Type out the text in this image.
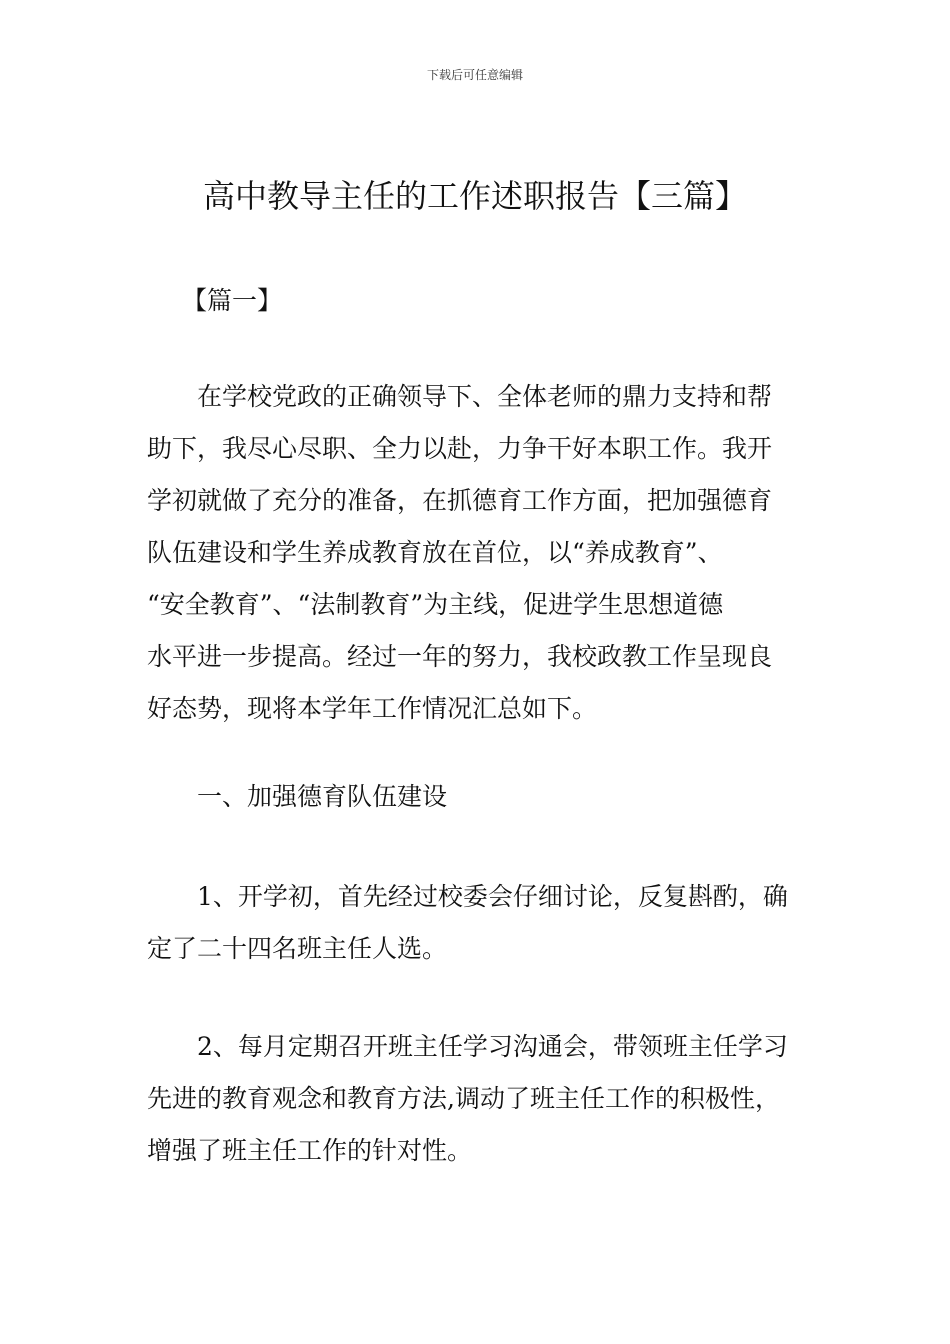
下载后可任意编辑
高中教导主任的工作述职报告【三篇】
【篇一】
在学校党政的正确领导下、全体老师的鼎力支持和帮
助下，我尽心尽职、全力以赴，力争干好本职工作。我开
学初就做了充分的准备，在抓德育工作方面，把加强德育
队伍建设和学生养成教育放在首位，以“养成教育”、
“安全教育”、“法制教育”为主线，促进学生思想道德
水平进一步提高。经过一年的努力，我校政教工作呈现良
好态势，现将本学年工作情况汇总如下。
一、加强德育队伍建设
1、开学初，首先经过校委会仔细讨论，反复斟酌，确
定了二十四名班主任人选。
2、每月定期召开班主任学习沟通会，带领班主任学习
先进的教育观念和教育方法,调动了班主任工作的积极性，
增强了班主任工作的针对性。
